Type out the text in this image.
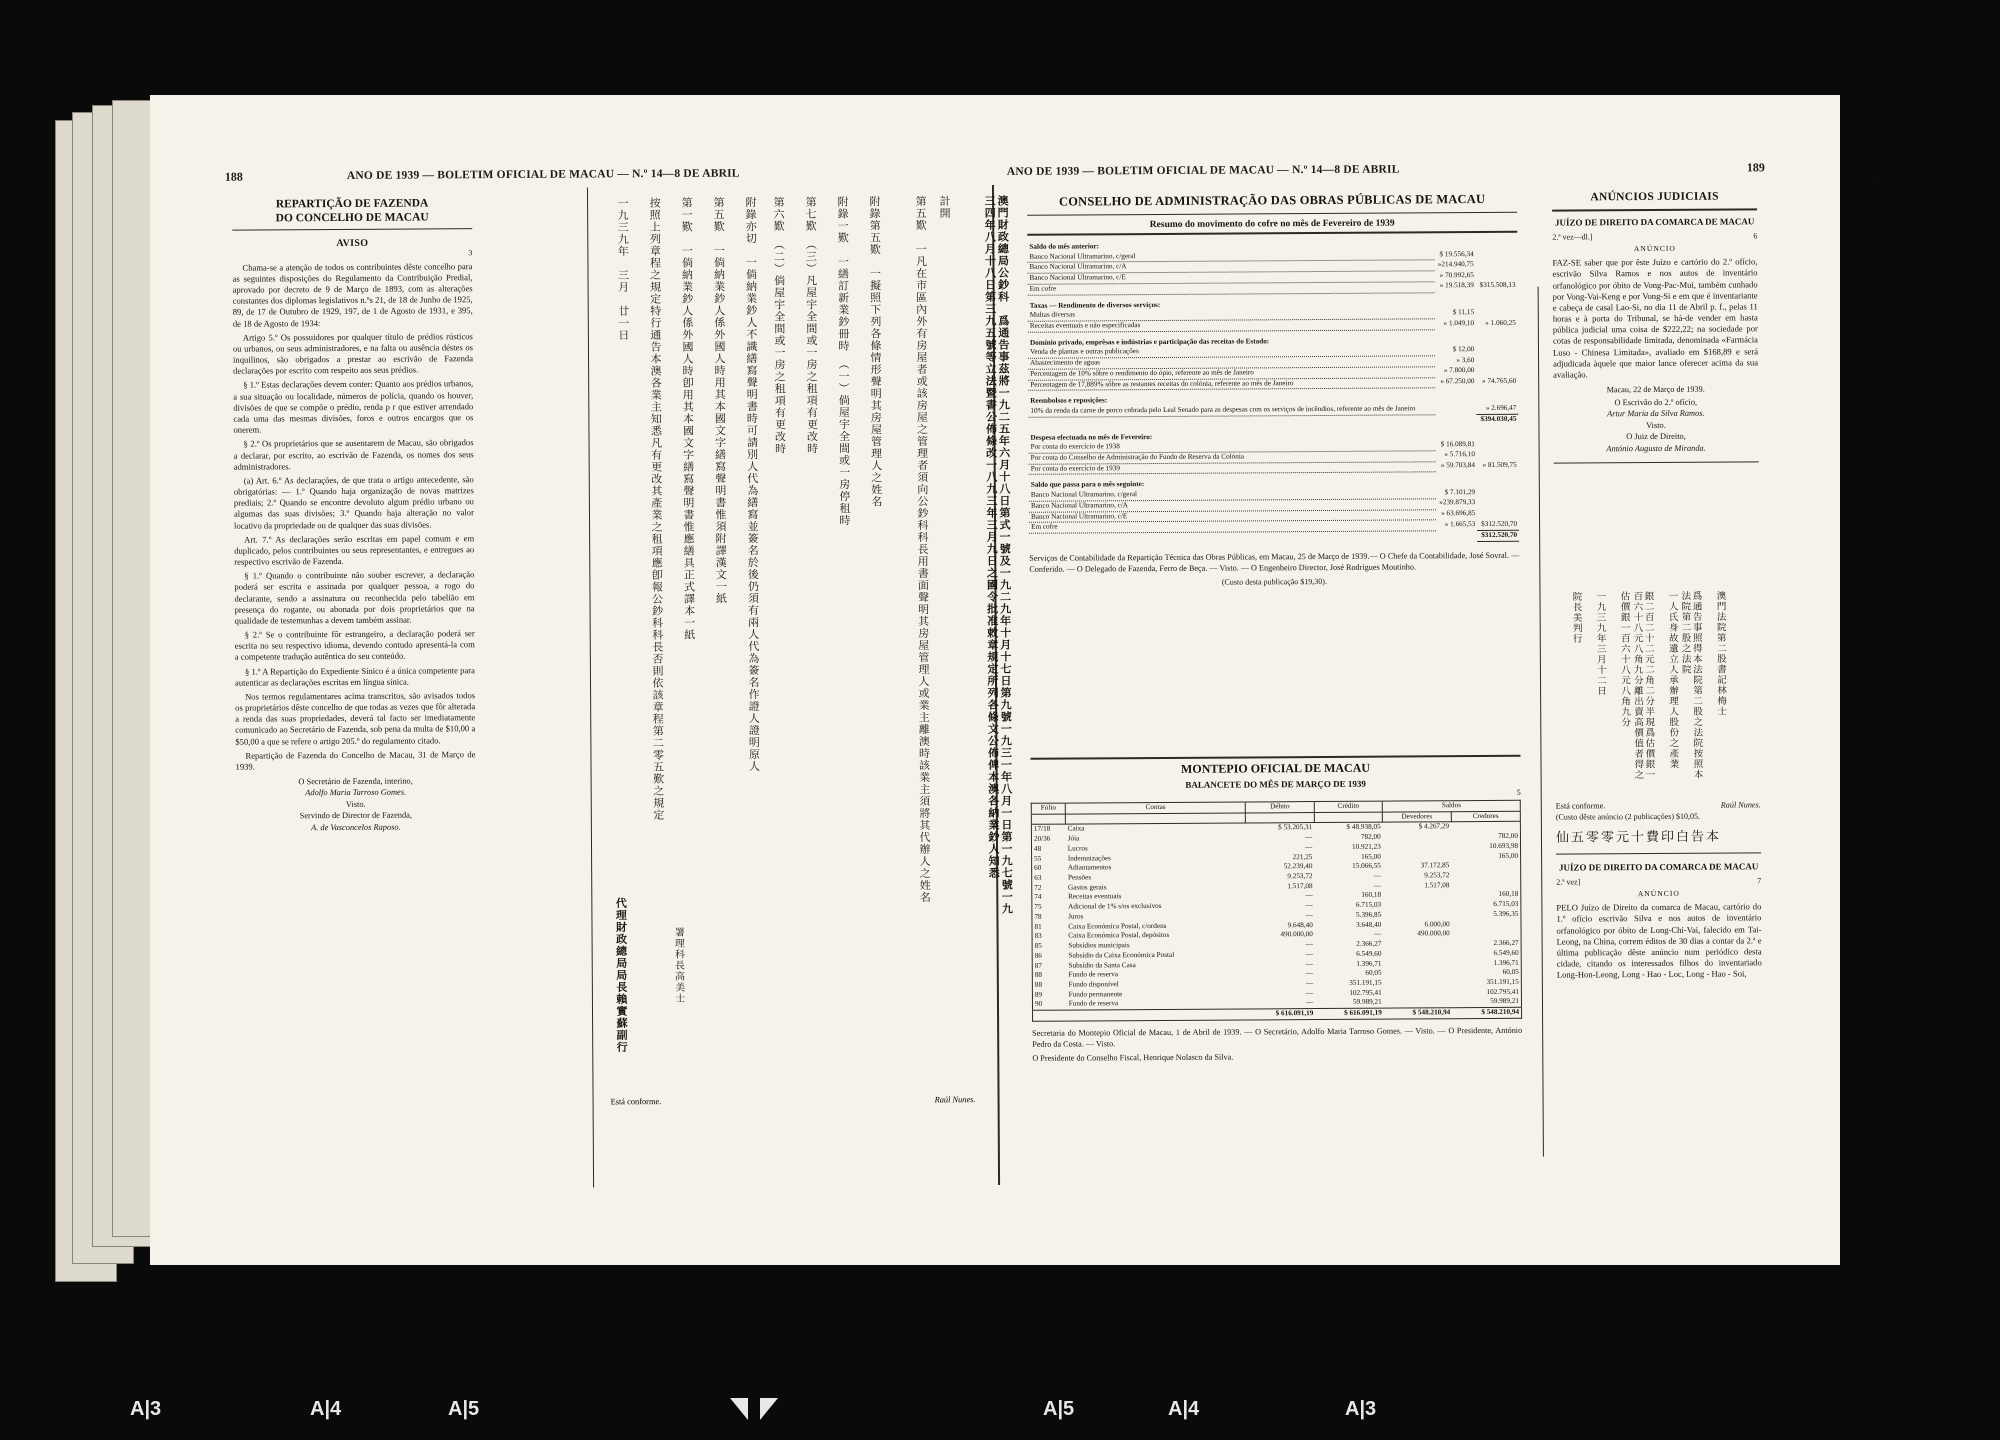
188	ANO DE 1939 — BOLETIM OFICIAL DE MACAU — N.º 14—8 DE ABRIL	ANO DE 1939 — BOLETIM OFICIAL DE MACAU — N.º 14—8 DE ABRIL	189
REPARTIÇÃO DE FAZENDA
DO CONCELHO DE MACAU
AVISO
3

Chama-se a atenção de todos os contribuintes dêste concelho para as seguintes disposições do Regulamento da Contribuição Predial, aprovado por decreto de 9 de Março de 1893, com as alterações constantes dos diplomas legislativos n.ºs 21, de 18 de Junho de 1925, 89, de 17 de Outubro de 1929, 197, de 1 de Agosto de 1931, e 395, de 18 de Agosto de 1934:

Artigo 5.º Os possuidores por qualquer título de prédios rústicos ou urbanos, ou seus administradores, e na falta ou ausência déstes os inquilinos, são obrigados a prestar ao escrivão de Fazenda declarações por escrito com respeito aos seus prédios.

§ 1.º Estas declarações devem conter: Quanto aos prédios urbanos, a sua situação ou localidade, números de polícia, quando os houver, divisões de que se compõe o prédio, renda p r que estiver arrendado cada uma das mesmas divisões, foros e outros encargos que os onerem.

§ 2.º Os proprietários que se ausentarem de Macau, são obrigados a declarar, por escrito, ao escrivão de Fazenda, os nomes dos seus administradores.

(a) Art. 6.º As declarações, de que trata o artigo antecedente, são obrigatórias: — 1.º Quando haja organização de novas matrizes prediais; 2.º Quando se encontre devoluto algum prédio urbano ou algumas das suas divisões; 3.º Quando haja alteração no valor locativo da propriedade ou de qualquer das suas divisões.

Art. 7.º As declarações serão escritas em papel comum e em duplicado, pelos contribuintes ou seus representantes, e entregues ao respectivo escrivão de Fazenda.

§ 1.º Quando o contribuinte não souber escrever, a declaração poderá ser escrita e assinada por qualquer pessoa, a rogo do declarante, sendo a assinatura ou reconhecida pelo tabelião em presença do rogante, ou abonada por dois proprietários que na qualidade de testemunhas a devem também assinar.

§ 2.º Se o contribuinte fôr estrangeiro, a declaração poderá ser escrita no seu respectivo idioma, devendo contudo apresentá-la com a competente tradução autêntica do seu conteúdo.

§ 1.º A Repartição do Expediente Sínico é a única competente para autenticar as declarações escritas em língua sínica.

Nos termos regulamentares acima transcritos, são avisados todos os proprietários dêste concelho de que todas as vezes que fôr alterada a renda das suas propriedades, deverá tal facto ser imediatamente comunicado ao Secretário de Fazenda, sob pena da multa de $10,00 a $50,00 a que se refere o artigo 205.º do regulamento citado.

Repartição de Fazenda do Concelho de Macau, 31 de Março de 1939.

O Secretário de Fazenda, interino,
Adolfo Maria Tarroso Gomes.
Visto.
Servindo de Director de Fazenda,
A. de Vasconcelos Raposo.	澳門財政總局公鈔科　爲通告事茲將一九二五年六月十八日第式一號及一九二九年十月十七日第九號一九三一年八月一日第一九七號一九三四年八月十八日第三九五號等立法暨書公佈條改一八九三年三月九日之國令批准敕章規定所列各條文公佈俾本澳各納業鈔人知悉
計開
第五歎　一凡在市區內外有房屋者或該房屋之管理者須向公鈔科科長用書面聲明其房屋管理人或業主離澳時該業主須將其代辦人之姓名
附錄第五歎　一擬照下列各條情形聲明其房屋管理人之姓名
附錄一歎　一繕訂新業鈔冊時　（一）倘屋宇全間或一房停租時
第七歎　（三）凡屋宇全間或一房之租項有更改時
第六歎　（二）倘屋宇全間或一房之租項有更改時
附錄亦切　一倘納業鈔人不識繕寫聲明書時可請別人代為繕寫並簽名於後仍須有兩人代為簽名作證人證明原人
第五歎　一倘納業鈔人係外國人時用其本國文字繕寫聲明書惟須附譯漢文一紙
第一歎　一倘納業鈔人係外國人時卽用其本國文字繕寫聲明書惟應繕具正式譯本一紙
按照上列章程之規定特行通告本澳各業主知悉凡有更改其產業之租項應卽報公鈔科科長否則依該章程第二零五歎之規定
一九三九年　三月　廿一日
代理財政總局局長賴實蘇副行	署理科長高美士
Está conforme.	Raúl Nunes.
CONSELHO DE ADMINISTRAÇÃO DAS OBRAS PÚBLICAS DE MACAU
Resumo do movimento do cofre no mês de Fevereiro de 1939
Saldo do mês anterior:		
Banco Nacional Ultramarino, c/geral	$ 19.556,34	
Banco Nacional Ultramarino, c/A	»214.940,75	
Banco Nacional Ultramarino, c/E	» 70.992,65	
Em cofre	» 19.518,39	$315.508,13
Taxas — Rendimento de diversos serviços:		
Multas diversas	$ 11,15	
Receitas eventuais e não especificadas	» 1.049,10	» 1.060,25
Domínio privado, emprêsas e indústrias e participação das receitas do Estado:		
Venda de plantas e outras publicações	$ 12,00	
Abastecimento de aguas	» 3,60	
Percentagem de 10% sôbre o rendimento do ópio, referente ao mês de Janeiro	» 7.800,00	
Percentagem de 17,889% sôbre as restantes receitas do colónia, referente ao mês de Janeiro	» 67.250,00	» 74.765,60
Reembolsos e reposições:		
10% da renda da carne de porco cobrada pelo Leal Senado para as despesas com os serviços de incêndios, referente ao mês de Janeiro		» 2.696,47
		$394.030,45
Despesa efectuada no mês de Fevereiro:		
Por conta do exercício de 1938	$ 16.089,81	
Por conta do Conselho de Administração do Fundo de Reserva da Colónia	» 5.716,10	
Por conta do exercício de 1939	» 59.703,84	» 81.509,75
Saldo que passa para o mês seguinte:		
Banco Nacional Ultramarino, c/geral	$ 7.101,29	
Banco Nacional Ultramarino, c/A	»239.879,33	
Banco Nacional Ultramarino, c/E	» 63.696,85	
Em cofre	» 1.665,53	$312.520,70
		$312.520,70
Serviços de Contabilidade da Repartição Técnica das Obras Públicas, em Macau, 25 de Março de 1939.— O Chefe da Contabilidade, José Sovral. — Conferido. — O Delegado de Fazenda, Ferro de Beça. — Visto. — O Engenheiro Director, José Rodrigues Moutinho.
(Custo desta publicação $19,30).
MONTEPIO OFICIAL DE MACAU
BALANCETE DO MÊS DE MARÇO DE 1939
5
Fólio	Contas	Débito	Crédito	Saldos	
				Devedores	Credores
17/18	Caixa	$ 53.205,31	$ 48.938,05	$ 4.267,29	
20/36	Jóia	—	782,00		782,00
48	Lucros	—	10.921,23		10.693,98
55	Indemnizações	221,25	165,00		165,00
60	Adiantamentos	52.239,40	15.066,55	37.172,85	
63	Pensões	9.253,72	—	9.253,72	
72	Gastos gerais	1.517,08	—	1.517,08	
74	Receitas eventuais	—	160,18		160,18
75	Adicional de 1% s/os exclusivos	—	6.715,03		6.715,03
78	Juros	—	5.396,85		5.396,35
81	Caixa Económica Postal, c/ordens	9.648,40	3.648,40	6.000,00	
83	Caixa Económica Postal, depósitos	490.000,00	—	490.000,00	
85	Subsídios municipais	—	2.366,27		2.366,27
86	Subsídio da Caixa Económica Postal	—	6.549,60		6.549,60
87	Subsídio da Santa Casa	—	1.396,71		1.396,71
88	Fundo de reserva	—	60,05		60,05
88	Fundo disponível	—	351.191,15		351.191,15
89	Fundo permanente	—	102.795,41		102.795,41
90	Fundo de reserva	—	59.989,21		59.989,21
		$ 616.091,19	$ 616.091,19	$ 548.210,94	$ 548.210,94
Secretaria do Montepio Oficial de Macau, 1 de Abril de 1939. — O Secretário, Adolfo Maria Tarroso Gomes. — Visto. — O Presidente, António Pedro da Costa. — Visto.
O Presidente do Conselho Fiscal, Henrique Nolasco da Silva.
ANÚNCIOS JUDICIAIS
JUÍZO DE DIREITO DA COMARCA DE MACAU
2.ª vez—dl.]	6
ANÚNCIO
FAZ-SE saber que por êste Juízo e cartório do 2.º ofício, escrivão Silva Ramos e nos autos de inventário orfanológico por óbito de Vong-Pac-Mui, também cunhado por Vong-Vai-Keng e por Vong-Si e em que é inventariante e cabeça de casal Lao-Si, no dia 11 de Abril p. f., pelas 11 horas e à porta do Tribunal, se há-de vender em hasta pública judicial uma coisa de $222,22; na sociedade por cotas de responsabilidade limitada, denominada «Farmácia Luso - Chinesa Limitada», avaliado em $168,89 e será adjudicada àquele que maior lance oferecer acima da sua avaliação.
Macau, 22 de Março de 1939.
O Escrivão do 2.º ofício,
Artur Maria da Silva Ramos.
Visto.
O Juiz de Direito,
António Augusto de Miranda.
澳門法院第二股書記林梅士
爲通告事照得本法院第二股之法院按照本法院第二股之法院
一人氏身故遺立人承辦理人股份之產業
銀二百二十二元二角二分半現爲估價銀一百六十八元八角九分離出賣高價值者得之
估價銀一百六十八元八角九分
一九三九年三月十二日
院長美判行
Está conforme.	Raúl Nunes.
(Custo dêste anúncio (2 publicações) $10,05.
仙五零零元十費印白告本
JUÍZO DE DIREITO DA COMARCA DE MACAU
2.ª vez]	7
ANÚNCIO
PELO Juízo de Direito da comarca de Macau, cartório do 1.º ofício escrivão Silva e nos autos de inventário orfanológico por óbito de Long-Chi-Vai, falecido em Tai-Leong, na China, correm éditos de 30 dias a contar da 2.ª e última publicação dêste anúncio num periódico desta cidade, citando os interessados filhos do inventariado Long-Hon-Leong, Long - Hao - Loc, Long - Hao - Soi,
A|3	A|4	A|5	A|5	A|4	A|3
